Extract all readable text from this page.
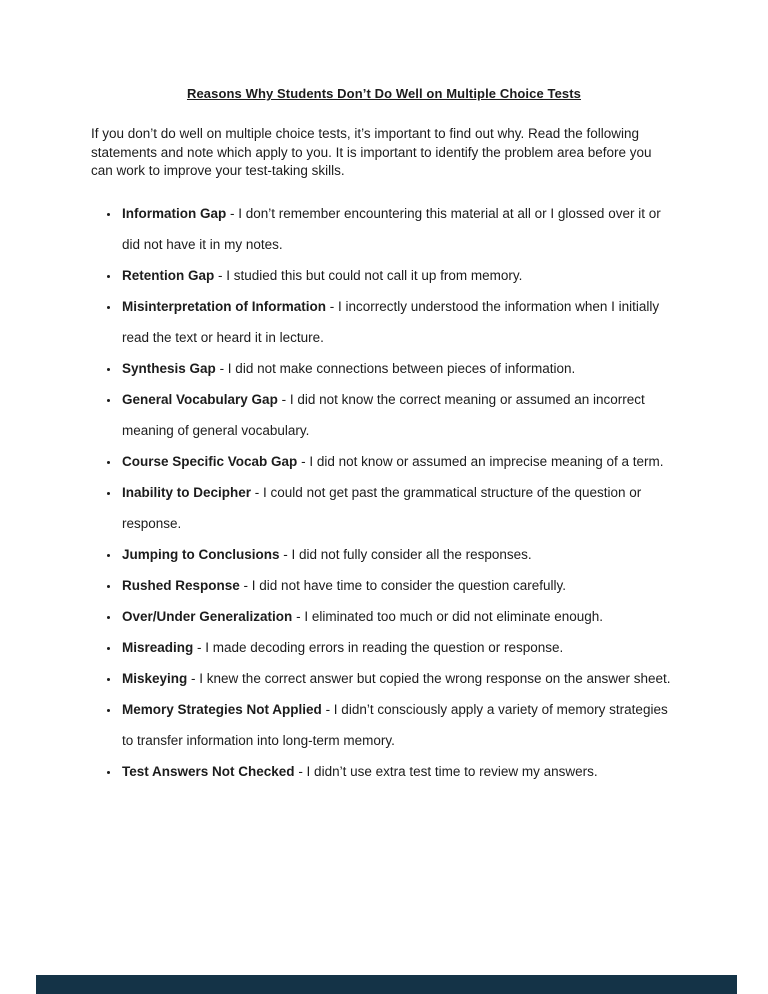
Reasons Why Students Don’t Do Well on Multiple Choice Tests

If you don’t do well on multiple choice tests, it’s important to find out why. Read the following statements and note which apply to you. It is important to identify the problem area before you can work to improve your test-taking skills.

• Information Gap - I don’t remember encountering this material at all or I glossed over it or did not have it in my notes.
• Retention Gap - I studied this but could not call it up from memory.
• Misinterpretation of Information - I incorrectly understood the information when I initially read the text or heard it in lecture.
• Synthesis Gap - I did not make connections between pieces of information.
• General Vocabulary Gap - I did not know the correct meaning or assumed an incorrect meaning of general vocabulary.
• Course Specific Vocab Gap - I did not know or assumed an imprecise meaning of a term.
• Inability to Decipher - I could not get past the grammatical structure of the question or response.
• Jumping to Conclusions - I did not fully consider all the responses.
• Rushed Response - I did not have time to consider the question carefully.
• Over/Under Generalization - I eliminated too much or did not eliminate enough.
• Misreading - I made decoding errors in reading the question or response.
• Miskeying - I knew the correct answer but copied the wrong response on the answer sheet.
• Memory Strategies Not Applied - I didn’t consciously apply a variety of memory strategies to transfer information into long-term memory.
• Test Answers Not Checked - I didn’t use extra test time to review my answers.
